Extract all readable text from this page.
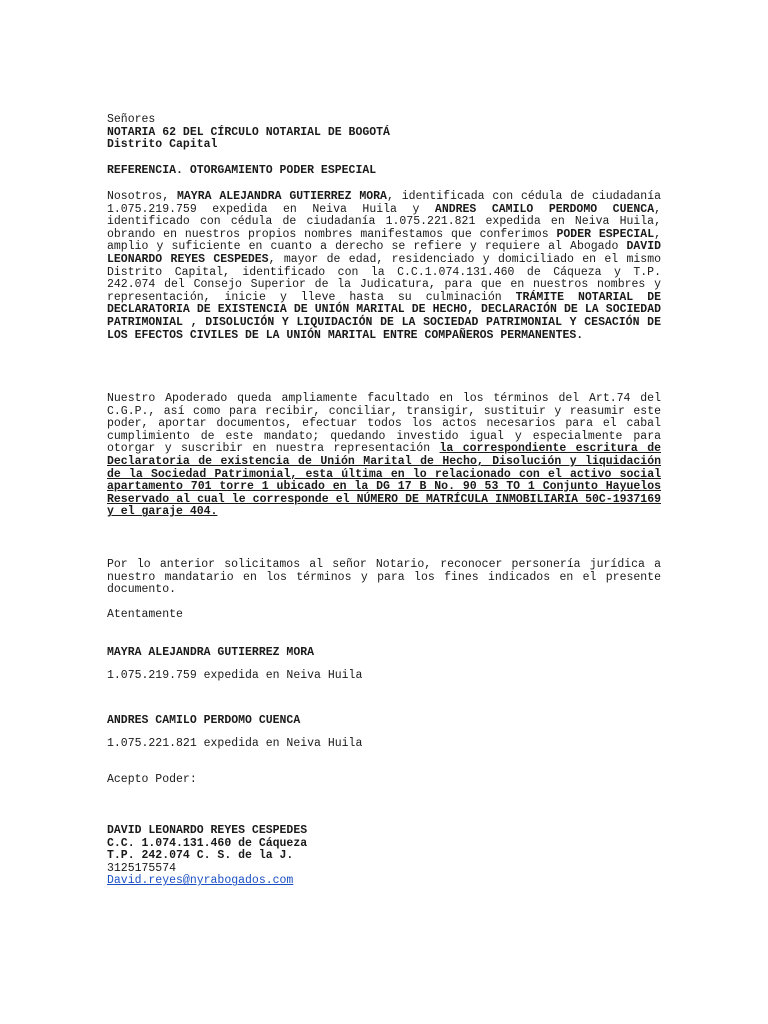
Señores

NOTARIA 62 DEL CÍRCULO NOTARIAL DE BOGOTÁ

Distrito Capital

REFERENCIA. OTORGAMIENTO PODER ESPECIAL
Nosotros, MAYRA ALEJANDRA GUTIERREZ MORA, identificada con cédula de ciudadanía 1.075.219.759 expedida en Neiva Huila y ANDRES CAMILO PERDOMO CUENCA, identificado con cédula de ciudadanía 1.075.221.821 expedida en Neiva Huila, obrando en nuestros propios nombres manifestamos que conferimos PODER ESPECIAL, amplio y suficiente en cuanto a derecho se refiere y requiere al Abogado DAVID LEONARDO REYES CESPEDES, mayor de edad, residenciado y domiciliado en el mismo Distrito Capital, identificado con la C.C.1.074.131.460 de Cáqueza y T.P. 242.074 del Consejo Superior de la Judicatura, para que en nuestros nombres y representación, inicie y lleve hasta su culminación TRÁMITE NOTARIAL DE DECLARATORIA DE EXISTENCIA DE UNIÓN MARITAL DE HECHO, DECLARACIÓN DE LA SOCIEDAD PATRIMONIAL , DISOLUCIÓN Y LIQUIDACIÓN DE LA SOCIEDAD PATRIMONIAL Y CESACIÓN DE LOS EFECTOS CIVILES DE LA UNIÓN MARITAL ENTRE COMPAÑEROS PERMANENTES.
Nuestro Apoderado queda ampliamente facultado en los términos del Art.74 del C.G.P., así como para recibir, conciliar, transigir, sustituir y reasumir este poder, aportar documentos, efectuar todos los actos necesarios para el cabal cumplimiento de este mandato; quedando investido igual y especialmente para otorgar y suscribir en nuestra representación la correspondiente escritura de Declaratoria de existencia de Unión Marital de Hecho, Disolución y liquidación de la Sociedad Patrimonial, esta última en lo relacionado con el activo social apartamento 701 torre 1 ubicado en la DG 17 B No. 90 53 TO 1 Conjunto Hayuelos Reservado al cual le corresponde el NÚMERO DE MATRÍCULA INMOBILIARIA 50C-1937169 y el garaje 404.
Por lo anterior solicitamos al señor Notario, reconocer personería jurídica a nuestro mandatario en los términos y para los fines indicados en el presente documento.
Atentamente
MAYRA ALEJANDRA GUTIERREZ MORA
1.075.219.759 expedida en Neiva Huila
ANDRES CAMILO PERDOMO CUENCA
1.075.221.821 expedida en Neiva Huila
Acepto Poder:

DAVID LEONARDO REYES CESPEDES

C.C. 1.074.131.460 de Cáqueza

T.P. 242.074 C. S. de la J.

3125175574

David.reyes@nyrabogados.com
